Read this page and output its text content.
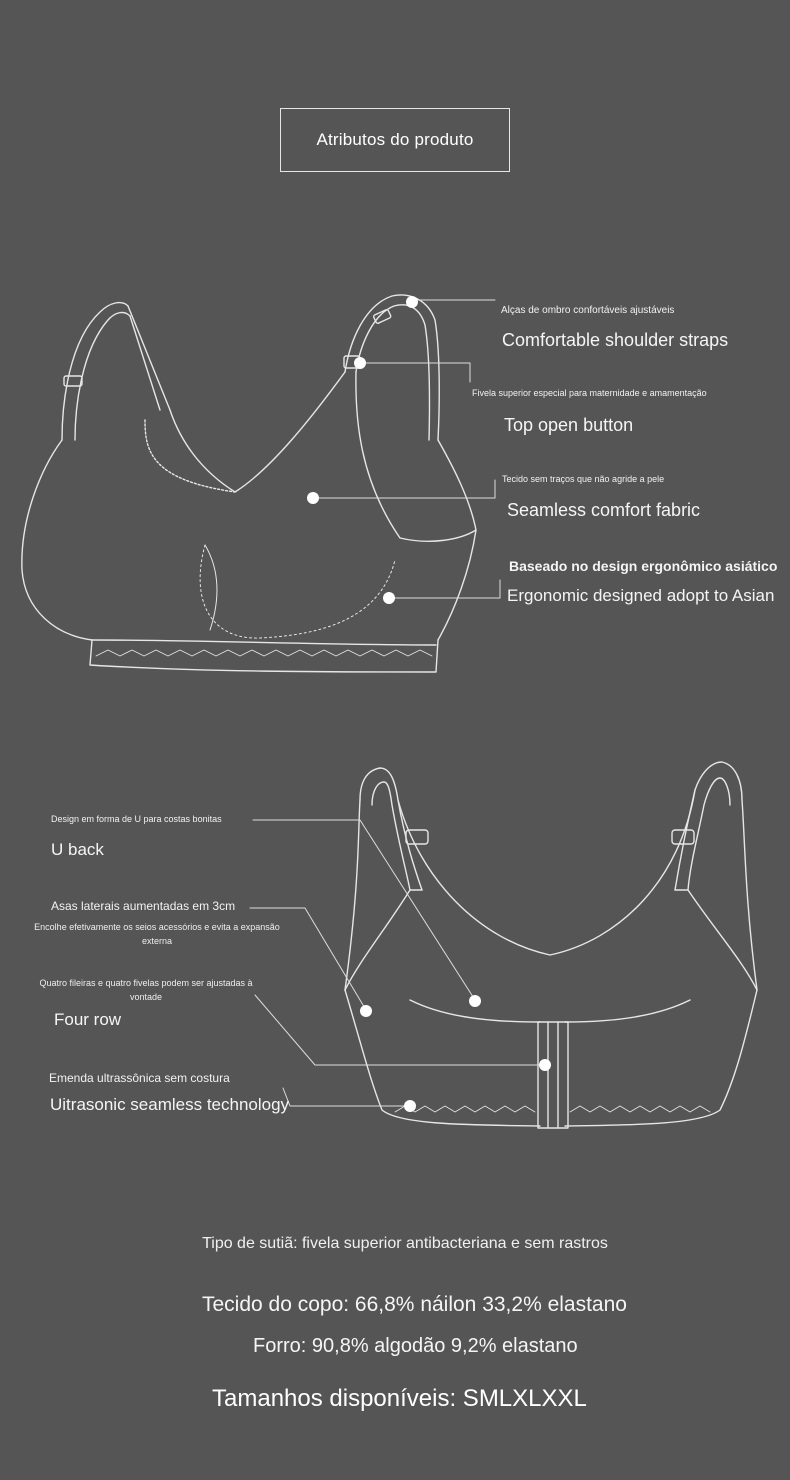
Atributos do produto
Alças de ombro confortáveis ajustáveis
Comfortable shoulder straps
Fivela superior especial para maternidade e amamentação
Top open button
Tecido sem traços que não agride a pele
Seamless comfort fabric
Baseado no design ergonômico asiático
Ergonomic designed adopt to Asian
Design em forma de U para costas bonitas
U back
Asas laterais aumentadas em 3cm
Encolhe efetivamente os seios acessórios e evita a expansão externa
Quatro fileiras e quatro fivelas podem ser ajustadas à vontade
Four row
Emenda ultrassônica sem costura
Uitrasonic seamless technology
Tipo de sutiã: fivela superior antibacteriana e sem rastros
Tecido do copo: 66,8% náilon 33,2% elastano
Forro: 90,8% algodão 9,2% elastano
Tamanhos disponíveis: SMLXLXXL
